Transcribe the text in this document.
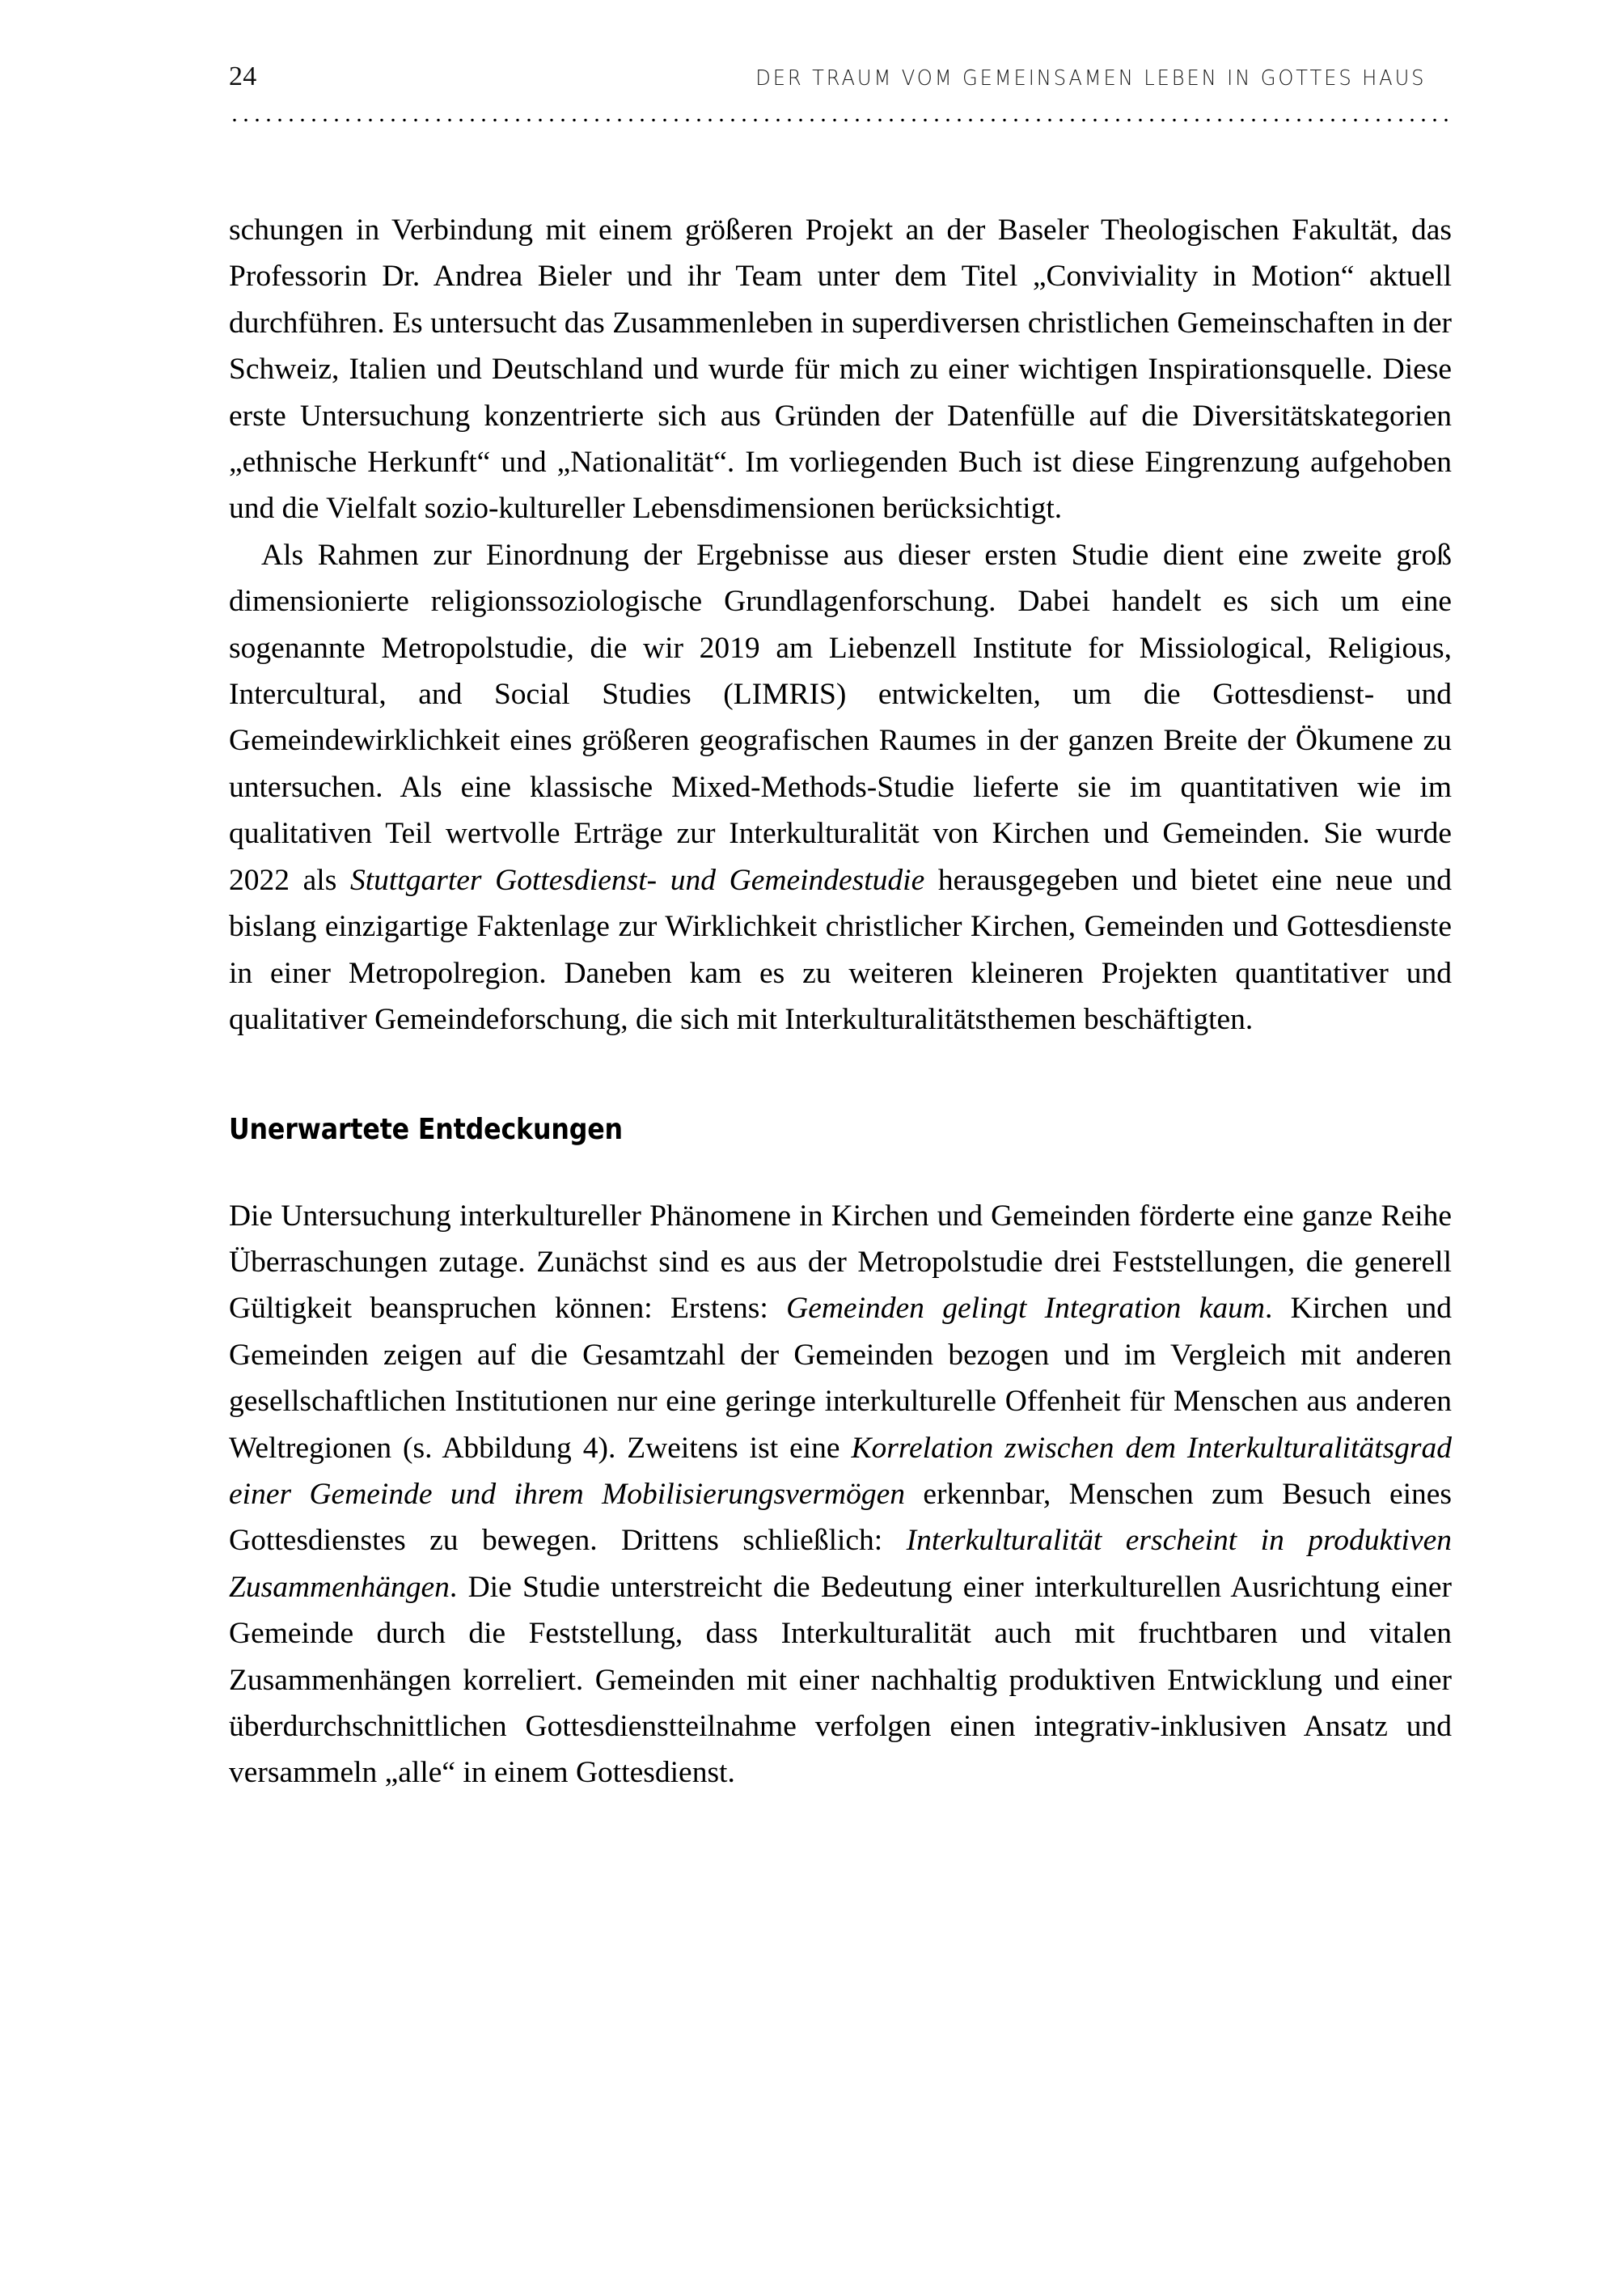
24	DER TRAUM VOM GEMEINSAMEN LEBEN IN GOTTES HAUS

schungen in Verbindung mit einem größeren Projekt an der Baseler Theologischen Fakultät, das Professorin Dr. Andrea Bieler und ihr Team unter dem Titel „Conviviality in Motion“ aktuell durchführen. Es untersucht das Zusammenleben in superdiversen christlichen Gemeinschaften in der Schweiz, Italien und Deutschland und wurde für mich zu einer wichtigen Inspirationsquelle. Diese erste Untersuchung konzentrierte sich aus Gründen der Datenfülle auf die Diversitätskategorien „ethnische Herkunft“ und „Nationalität“. Im vorliegenden Buch ist diese Eingrenzung aufgehoben und die Vielfalt sozio-kultureller Lebensdimensionen berücksichtigt.

Als Rahmen zur Einordnung der Ergebnisse aus dieser ersten Studie dient eine zweite groß dimensionierte religionssoziologische Grundlagenforschung. Dabei handelt es sich um eine sogenannte Metropolstudie, die wir 2019 am Liebenzell Institute for Missiological, Religious, Intercultural, and Social Studies (LIMRIS) entwickelten, um die Gottesdienst- und Gemeindewirklichkeit eines größeren geografischen Raumes in der ganzen Breite der Ökumene zu untersuchen. Als eine klassische Mixed-Methods-Studie lieferte sie im quantitativen wie im qualitativen Teil wertvolle Erträge zur Interkulturalität von Kirchen und Gemeinden. Sie wurde 2022 als Stuttgarter Gottesdienst- und Gemeindestudie herausgegeben und bietet eine neue und bislang einzigartige Faktenlage zur Wirklichkeit christlicher Kirchen, Gemeinden und Gottesdienste in einer Metropolregion. Daneben kam es zu weiteren kleineren Projekten quantitativer und qualitativer Gemeindeforschung, die sich mit Interkulturalitätsthemen beschäftigten.

Unerwartete Entdeckungen

Die Untersuchung interkultureller Phänomene in Kirchen und Gemeinden förderte eine ganze Reihe Überraschungen zutage. Zunächst sind es aus der Metropolstudie drei Feststellungen, die generell Gültigkeit beanspruchen können: Erstens: Gemeinden gelingt Integration kaum. Kirchen und Gemeinden zeigen auf die Gesamtzahl der Gemeinden bezogen und im Vergleich mit anderen gesellschaftlichen Institutionen nur eine geringe interkulturelle Offenheit für Menschen aus anderen Weltregionen (s. Abbildung 4). Zweitens ist eine Korrelation zwischen dem Interkulturalitätsgrad einer Gemeinde und ihrem Mobilisierungsvermögen erkennbar, Menschen zum Besuch eines Gottesdienstes zu bewegen. Drittens schließlich: Interkulturalität erscheint in produktiven Zusammenhängen. Die Studie unterstreicht die Bedeutung einer interkulturellen Ausrichtung einer Gemeinde durch die Feststellung, dass Interkulturalität auch mit fruchtbaren und vitalen Zusammenhängen korreliert. Gemeinden mit einer nachhaltig produktiven Entwicklung und einer überdurchschnittlichen Gottesdienstteilnahme verfolgen einen integrativ-inklusiven Ansatz und versammeln „alle“ in einem Gottesdienst.
